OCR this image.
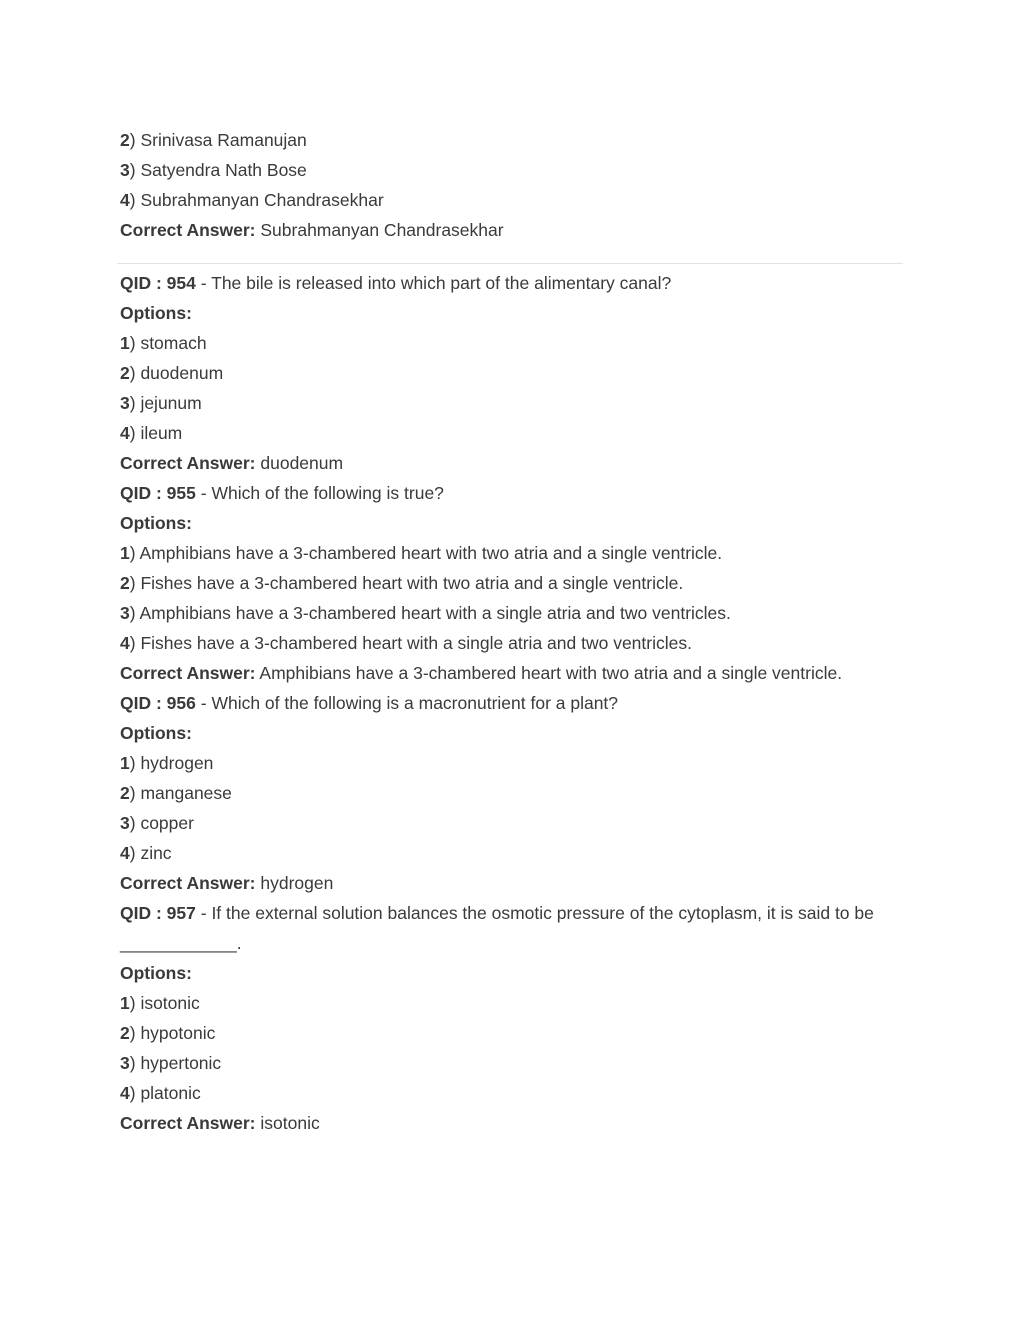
2) Srinivasa Ramanujan
3) Satyendra Nath Bose
4) Subrahmanyan Chandrasekhar
Correct Answer: Subrahmanyan Chandrasekhar
QID : 954 - The bile is released into which part of the alimentary canal?
Options:
1) stomach
2) duodenum
3) jejunum
4) ileum
Correct Answer: duodenum
QID : 955 - Which of the following is true?
Options:
1) Amphibians have a 3-chambered heart with two atria and a single ventricle.
2) Fishes have a 3-chambered heart with two atria and a single ventricle.
3) Amphibians have a 3-chambered heart with a single atria and two ventricles.
4) Fishes have a 3-chambered heart with a single atria and two ventricles.
Correct Answer: Amphibians have a 3-chambered heart with two atria and a single ventricle.
QID : 956 - Which of the following is a macronutrient for a plant?
Options:
1) hydrogen
2) manganese
3) copper
4) zinc
Correct Answer: hydrogen
QID : 957 - If the external solution balances the osmotic pressure of the cytoplasm, it is said to be ____________.
Options:
1) isotonic
2) hypotonic
3) hypertonic
4) platonic
Correct Answer: isotonic
